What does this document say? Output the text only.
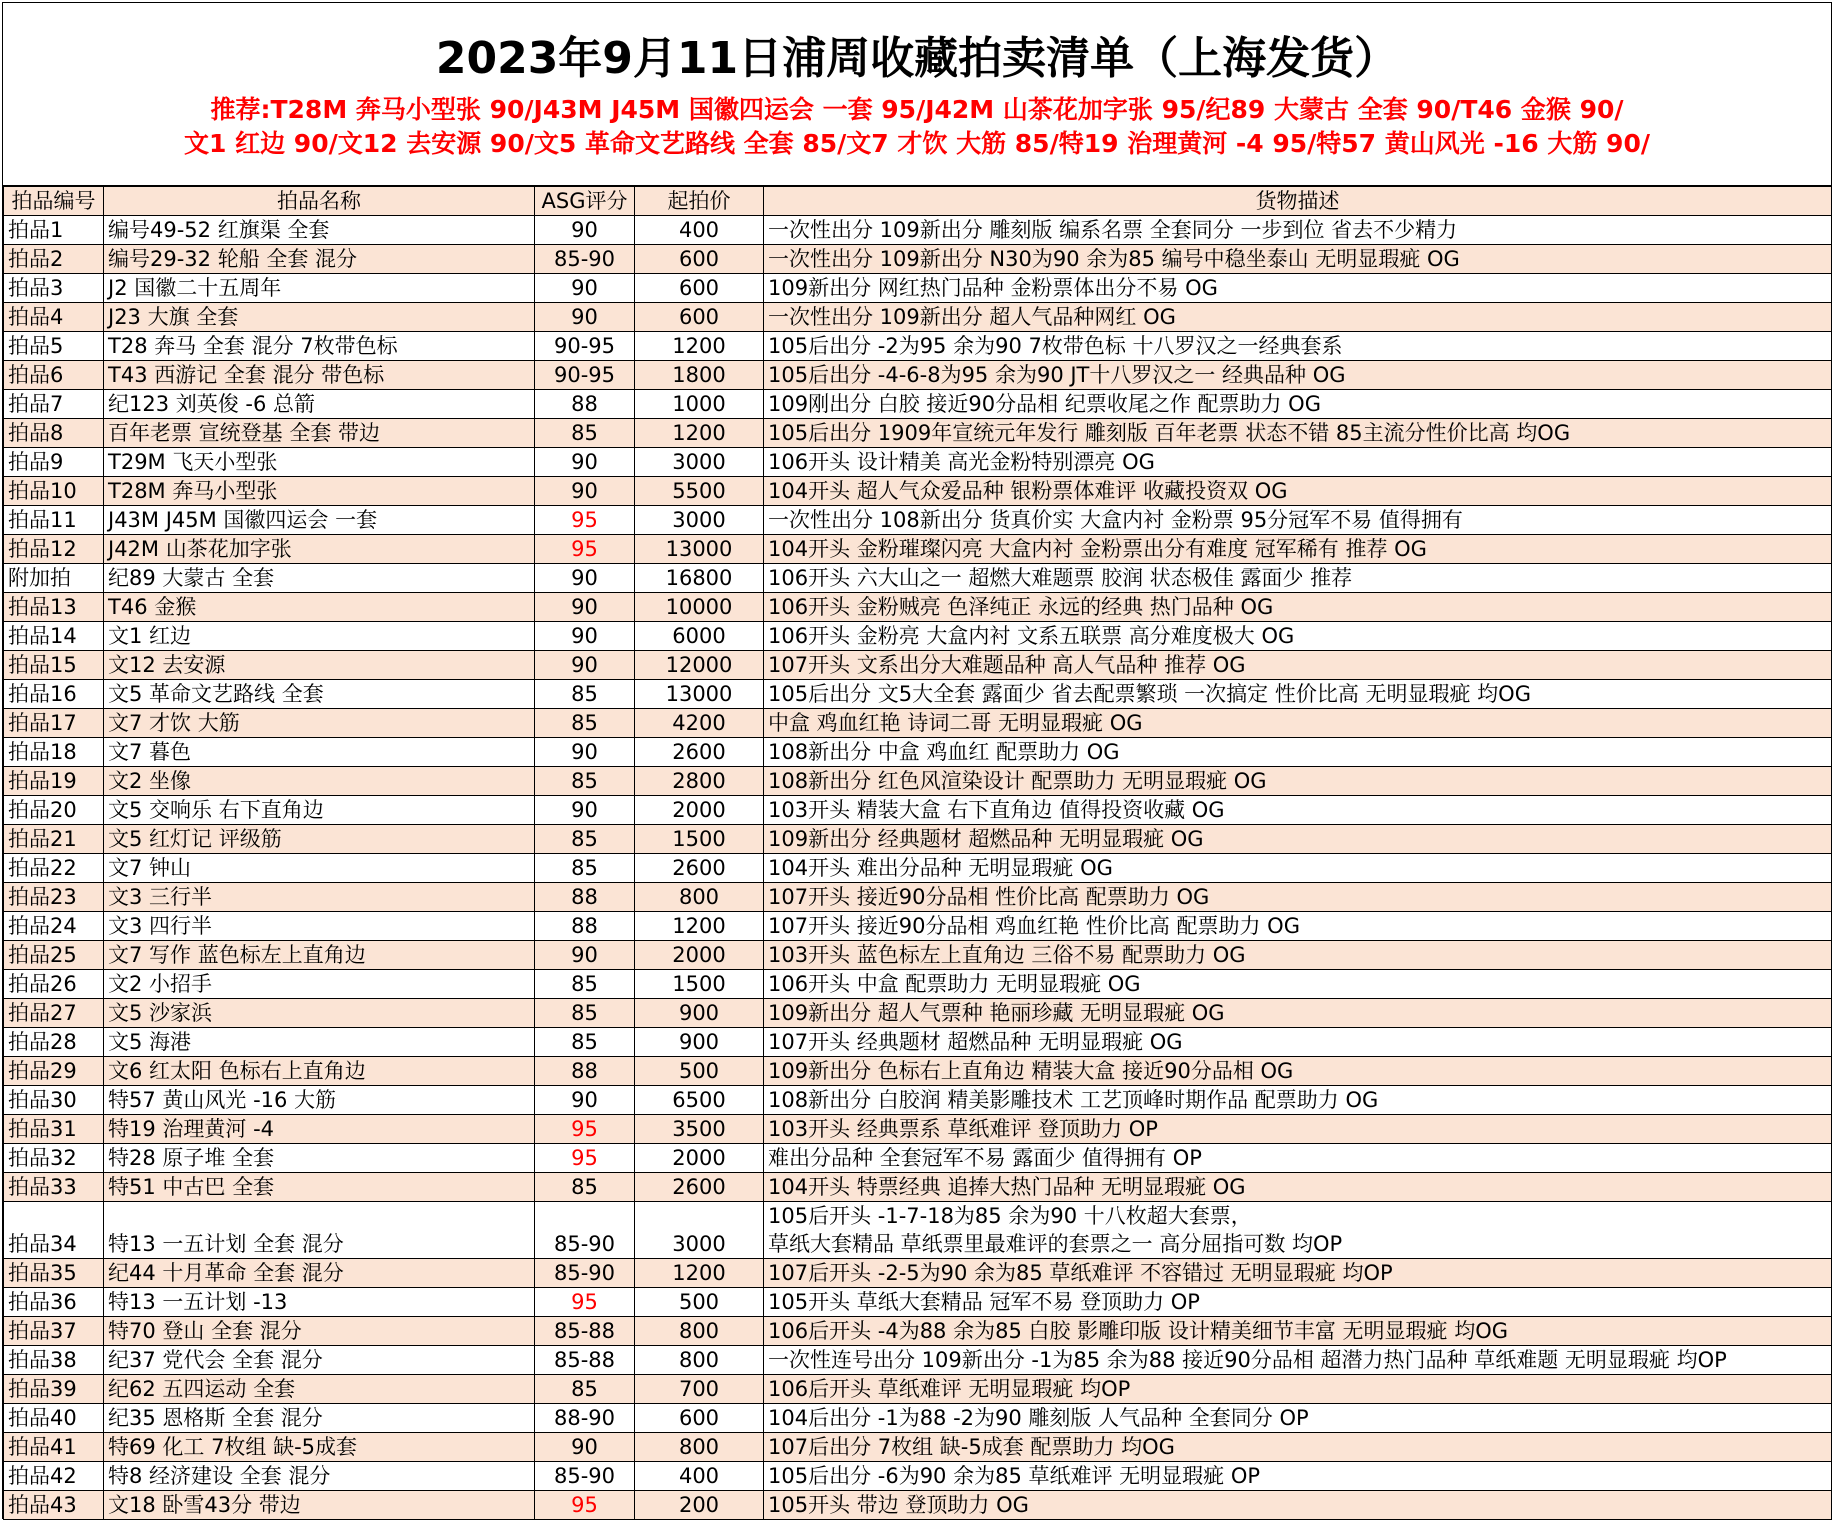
2023年9月11日浦周收藏拍卖清单（上海发货）
推荐:T28M 奔马小型张 90/J43M J45M 国徽四运会 一套 95/J42M 山茶花加字张 95/纪89 大蒙古 全套 90/T46 金猴 90/
文1 红边 90/文12 去安源 90/文5 革命文艺路线 全套 85/文7 才饮 大筋 85/特19 治理黄河 -4 95/特57 黄山风光 -16 大筋 90/
拍品编号	拍品名称	ASG评分	起拍价	货物描述
拍品1	编号49-52 红旗渠 全套	90	400	一次性出分 109新出分 雕刻版 编系名票 全套同分 一步到位 省去不少精力
拍品2	编号29-32 轮船 全套 混分	85-90	600	一次性出分 109新出分 N30为90 余为85 编号中稳坐泰山 无明显瑕疵 OG
拍品3	J2 国徽二十五周年	90	600	109新出分 网红热门品种 金粉票体出分不易 OG
拍品4	J23 大旗 全套	90	600	一次性出分 109新出分 超人气品种网红 OG
拍品5	T28 奔马 全套 混分 7枚带色标	90-95	1200	105后出分 -2为95 余为90 7枚带色标 十八罗汉之一经典套系
拍品6	T43 西游记 全套 混分 带色标	90-95	1800	105后出分 -4-6-8为95 余为90 JT十八罗汉之一 经典品种 OG
拍品7	纪123 刘英俊 -6 总箭	88	1000	109刚出分 白胶 接近90分品相 纪票收尾之作 配票助力 OG
拍品8	百年老票 宣统登基 全套 带边	85	1200	105后出分 1909年宣统元年发行 雕刻版 百年老票 状态不错 85主流分性价比高 均OG
拍品9	T29M 飞天小型张	90	3000	106开头 设计精美 高光金粉特别漂亮 OG
拍品10	T28M 奔马小型张	90	5500	104开头 超人气众爱品种 银粉票体难评 收藏投资双 OG
拍品11	J43M J45M 国徽四运会 一套	95	3000	一次性出分 108新出分 货真价实 大盒内衬 金粉票 95分冠军不易 值得拥有
拍品12	J42M 山茶花加字张	95	13000	104开头 金粉璀璨闪亮 大盒内衬 金粉票出分有难度 冠军稀有 推荐 OG
附加拍	纪89 大蒙古 全套	90	16800	106开头 六大山之一 超燃大难题票 胶润 状态极佳 露面少 推荐
拍品13	T46 金猴	90	10000	106开头 金粉贼亮 色泽纯正 永远的经典 热门品种 OG
拍品14	文1 红边	90	6000	106开头 金粉亮 大盒内衬 文系五联票 高分难度极大 OG
拍品15	文12 去安源	90	12000	107开头 文系出分大难题品种 高人气品种 推荐 OG
拍品16	文5 革命文艺路线 全套	85	13000	105后出分 文5大全套 露面少 省去配票繁琐 一次搞定 性价比高 无明显瑕疵 均OG
拍品17	文7 才饮 大筋	85	4200	中盒 鸡血红艳 诗词二哥 无明显瑕疵 OG
拍品18	文7 暮色	90	2600	108新出分 中盒 鸡血红 配票助力 OG
拍品19	文2 坐像	85	2800	108新出分 红色风渲染设计 配票助力 无明显瑕疵 OG
拍品20	文5 交响乐 右下直角边	90	2000	103开头 精装大盒 右下直角边 值得投资收藏 OG
拍品21	文5 红灯记 评级筋	85	1500	109新出分 经典题材 超燃品种 无明显瑕疵 OG
拍品22	文7 钟山	85	2600	104开头 难出分品种 无明显瑕疵 OG
拍品23	文3 三行半	88	800	107开头 接近90分品相 性价比高 配票助力 OG
拍品24	文3 四行半	88	1200	107开头 接近90分品相 鸡血红艳 性价比高 配票助力 OG
拍品25	文7 写作 蓝色标左上直角边	90	2000	103开头 蓝色标左上直角边 三俗不易 配票助力 OG
拍品26	文2 小招手	85	1500	106开头 中盒 配票助力 无明显瑕疵 OG
拍品27	文5 沙家浜	85	900	109新出分 超人气票种 艳丽珍藏 无明显瑕疵 OG
拍品28	文5 海港	85	900	107开头 经典题材 超燃品种 无明显瑕疵 OG
拍品29	文6 红太阳 色标右上直角边	88	500	109新出分 色标右上直角边 精装大盒 接近90分品相 OG
拍品30	特57 黄山风光 -16 大筋	90	6500	108新出分 白胶润 精美影雕技术 工艺顶峰时期作品 配票助力 OG
拍品31	特19 治理黄河 -4	95	3500	103开头 经典票系 草纸难评 登顶助力 OP
拍品32	特28 原子堆 全套	95	2000	难出分品种 全套冠军不易 露面少 值得拥有 OP
拍品33	特51 中古巴 全套	85	2600	104开头 特票经典 追捧大热门品种 无明显瑕疵 OG
拍品34	特13 一五计划 全套 混分	85-90	3000	105后开头 -1-7-18为85 余为90 十八枚超大套票，
草纸大套精品 草纸票里最难评的套票之一 高分屈指可数 均OP

拍品35	纪44 十月革命 全套 混分	85-90	1200	107后开头 -2-5为90 余为85 草纸难评 不容错过 无明显瑕疵 均OP
拍品36	特13 一五计划 -13	95	500	105开头 草纸大套精品 冠军不易 登顶助力 OP
拍品37	特70 登山 全套 混分	85-88	800	106后开头 -4为88 余为85 白胶 影雕印版 设计精美细节丰富 无明显瑕疵 均OG
拍品38	纪37 党代会 全套 混分	85-88	800	一次性连号出分 109新出分 -1为85 余为88 接近90分品相 超潜力热门品种 草纸难题 无明显瑕疵 均OP
拍品39	纪62 五四运动 全套	85	700	106后开头 草纸难评 无明显瑕疵 均OP
拍品40	纪35 恩格斯 全套 混分	88-90	600	104后出分 -1为88 -2为90 雕刻版 人气品种 全套同分 OP
拍品41	特69 化工 7枚组 缺-5成套	90	800	107后出分 7枚组 缺-5成套 配票助力 均OG
拍品42	特8 经济建设 全套 混分	85-90	400	105后出分 -6为90 余为85 草纸难评 无明显瑕疵 OP
拍品43	文18 卧雪43分 带边	95	200	105开头 带边 登顶助力 OG
